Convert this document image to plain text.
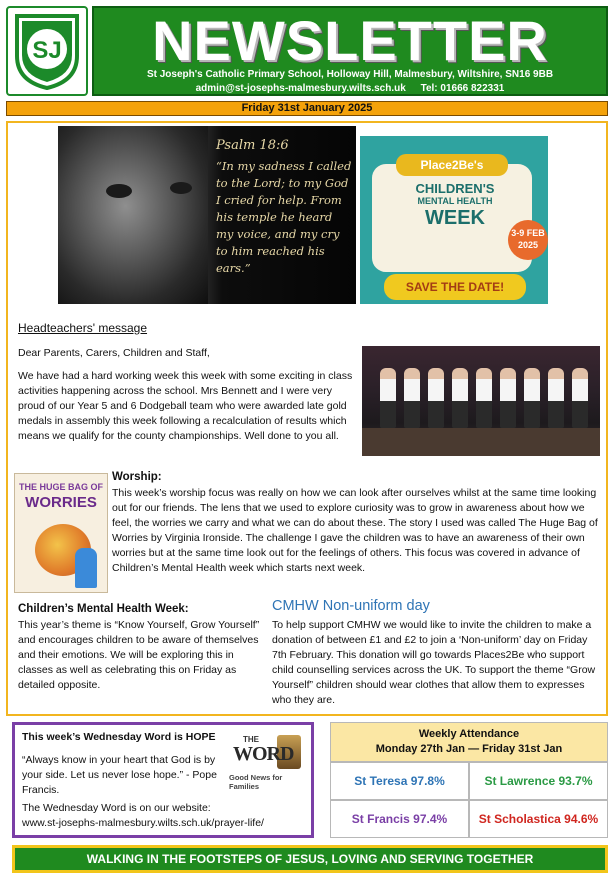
SJ	NEWSLETTER
St Joseph's Catholic Primary School, Holloway Hill, Malmesbury, Wiltshire, SN16 9BB
admin@st-josephs-malmesbury.wilts.sch.uk Tel: 01666 822331
Friday 31st January 2025
Psalm 18:6
“In my sadness I called to the Lord; to my God I cried for help. From his temple he heard my voice, and my cry to him reached his ears.”
Place2Be's
CHILDREN'S
MENTAL HEALTH
WEEK
3-9 FEB 2025
SAVE THE DATE!
Headteachers' message
Dear Parents, Carers, Children and Staff,
We have had a hard working week this week with some exciting in class activities happening across the school. Mrs Bennett and I were very proud of our Year 5 and 6 Dodgeball team who were awarded late gold medals in assembly this week following a recalculation of results which means we qualify for the county championships. Well done to you all.
THE HUGE BAG OF
WORRIES
Worship:
This week’s worship focus was really on how we can look after ourselves whilst at the same time looking out for our friends. The lens that we used to explore curiosity was to grow in awareness about how we feel, the worries we carry and what we can do about these. The story I used was called The Huge Bag of Worries by Virginia Ironside. The challenge I gave the children was to have an awareness of their own worries but at the same time look out for the feelings of others. This focus was covered in advance of Children’s Mental Health week which starts next week.
Children’s Mental Health Week:
This year’s theme is “Know Yourself, Grow Yourself” and encourages children to be aware of themselves and their emotions. We will be exploring this in classes as well as celebrating this on Friday as detailed opposite.
CMHW Non-uniform day
To help support CMHW we would like to invite the children to make a donation of between £1 and £2 to join a ‘Non-uniform’ day on Friday 7th February. This donation will go towards Places2Be who support child counselling services across the UK. To support the theme “Grow Yourself” children should wear clothes that allow them to expresses who they are.
This week’s Wednesday Word is HOPE
“Always know in your heart that God is by your side. Let us never lose hope.” - Pope Francis.
The Wednesday Word is on our website:
www.st-josephs-malmesbury.wilts.sch.uk/prayer-life/
THE
WORD
Good News for Families
Weekly Attendance
Monday 27th Jan — Friday 31st Jan
St Teresa 97.8%	St Lawrence 93.7%
St Francis 97.4%	St Scholastica 94.6%
WALKING IN THE FOOTSTEPS OF JESUS, LOVING AND SERVING TOGETHER
